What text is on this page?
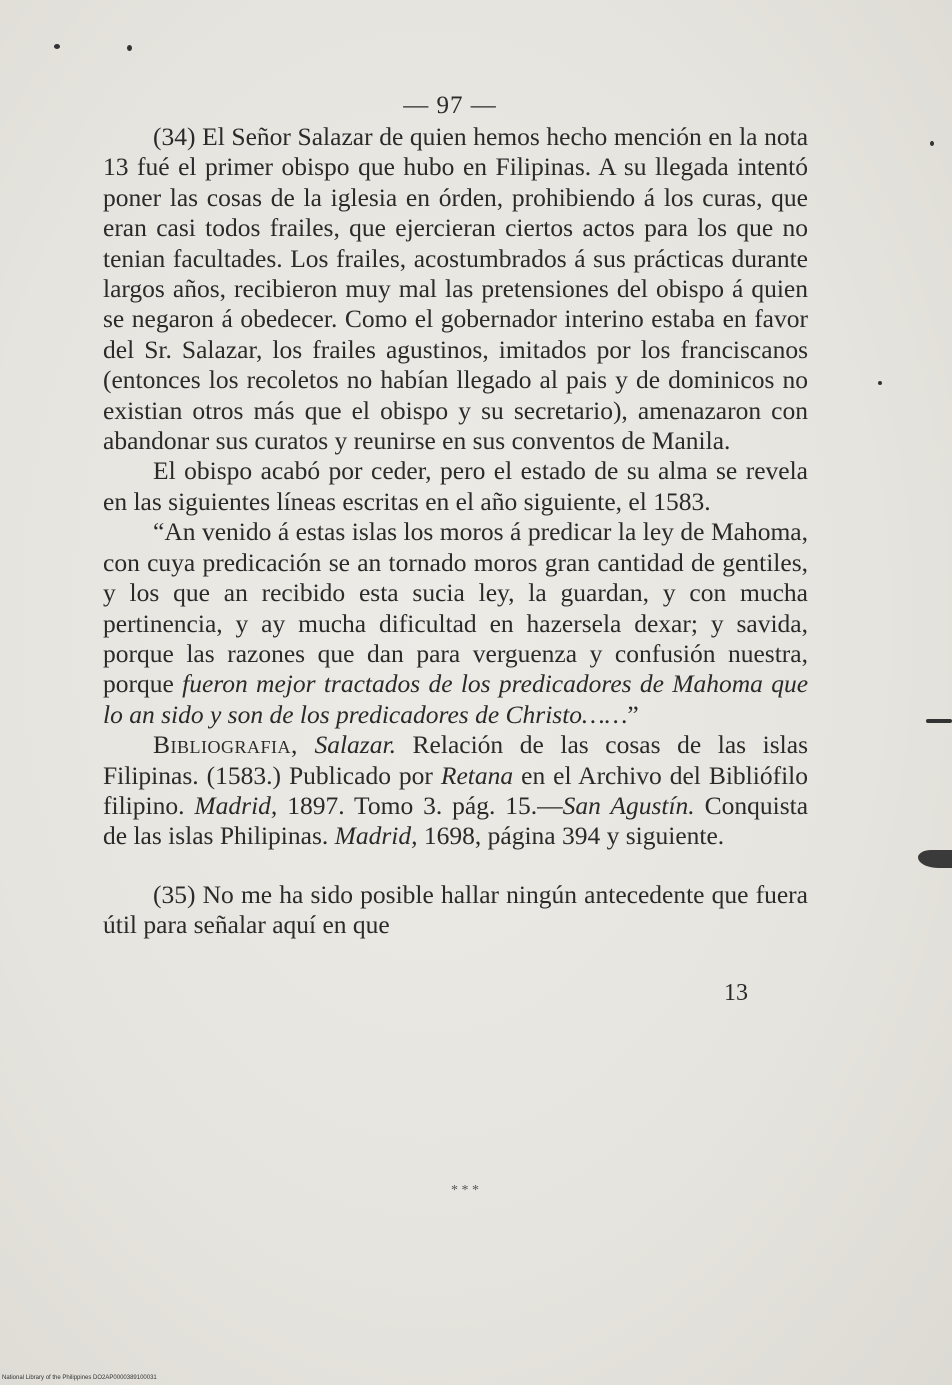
— 97 —

(34) El Señor Salazar de quien hemos hecho mención en la nota 13 fué el primer obispo que hubo en Filipinas. A su llegada intentó poner las cosas de la iglesia en órden, prohibiendo á los curas, que eran casi todos frailes, que ejercieran ciertos actos para los que no tenian facultades. Los frailes, acostumbrados á sus prácticas durante largos años, recibieron muy mal las pretensiones del obispo á quien se negaron á obedecer. Como el gobernador interino estaba en favor del Sr. Salazar, los frailes agustinos, imitados por los franciscanos (entonces los recoletos no habían llegado al pais y de dominicos no existian otros más que el obispo y su secretario), amenazaron con abandonar sus curatos y reunirse en sus conventos de Manila.

El obispo acabó por ceder, pero el estado de su alma se revela en las siguientes líneas escritas en el año siguiente, el 1583.

“An venido á estas islas los moros á predicar la ley de Mahoma, con cuya predicación se an tornado moros gran cantidad de gentiles, y los que an recibido esta sucia ley, la guardan, y con mucha pertinencia, y ay mucha dificultad en hazersela dexar; y savida, porque las razones que dan para verguenza y confusión nuestra, porque fueron mejor tractados de los predicadores de Mahoma que lo an sido y son de los predicadores de Christo……”

Bibliografia, Salazar. Relación de las cosas de las islas Filipinas. (1583.) Publicado por Retana en el Archivo del Bibliófilo filipino. Madrid, 1897. Tomo 3. pág. 15.—San Agustín. Conquista de las islas Philipinas. Madrid, 1698, página 394 y siguiente.

(35) No me ha sido posible hallar ningún antecedente que fuera útil para señalar aquí en que

* * *
13
National Library of the Philippines DO2AP0000389100031
